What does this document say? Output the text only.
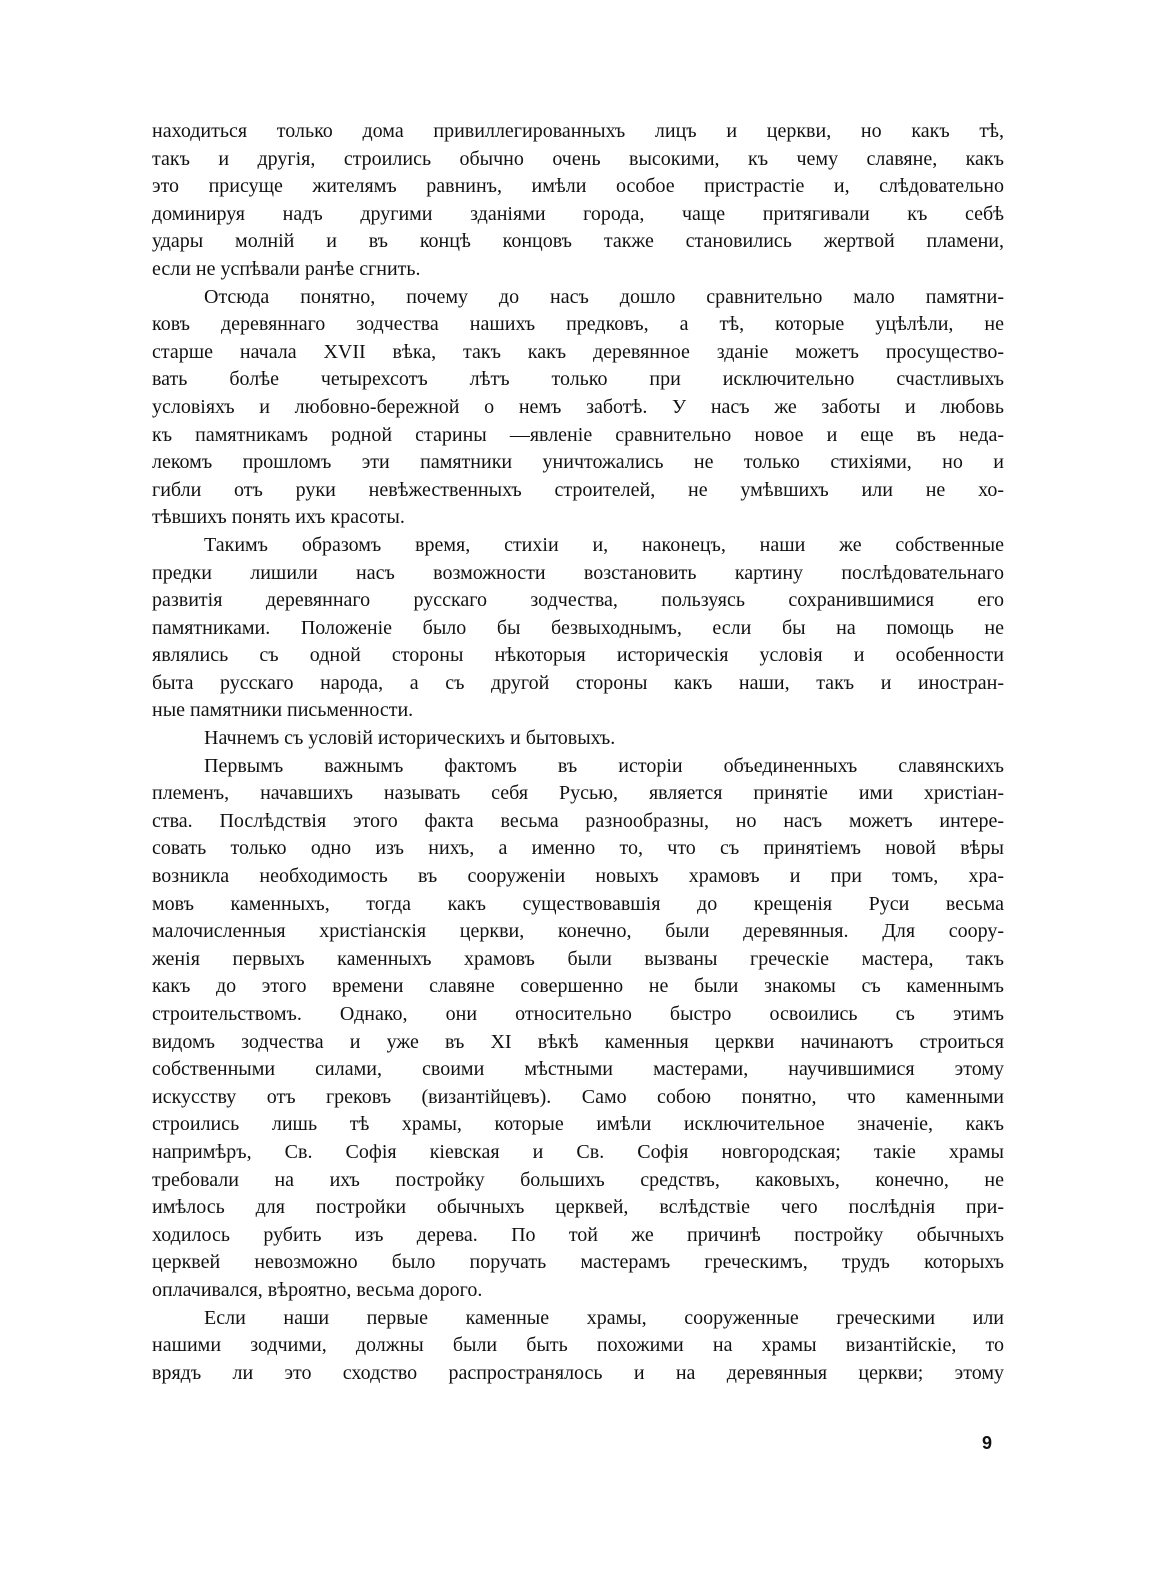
находиться только дома привиллегированныхъ лицъ и церкви, но какъ тѣ,
такъ и другія, строились обычно очень высокими, къ чему славяне, какъ
это присуще жителямъ равнинъ, имѣли особое пристрастіе и, слѣдовательно
доминируя надъ другими зданіями города, чаще притягивали къ себѣ
удары молній и въ концѣ концовъ также становились жертвой пламени,
если не успѣвали ранѣе сгнить.
Отсюда понятно, почему до насъ дошло сравнительно мало памятни-
ковъ деревяннаго зодчества нашихъ предковъ, а тѣ, которые уцѣлѣли, не
старше начала XVII вѣка, такъ какъ деревянное зданіе можетъ просущество-
вать болѣе четырехсотъ лѣтъ только при исключительно счастливыхъ
условіяхъ и любовно-бережной о немъ заботѣ. У насъ же заботы и любовь
къ памятникамъ родной старины —явленіе сравнительно новое и еще въ неда-
лекомъ прошломъ эти памятники уничтожались не только стихіями, но и
гибли отъ руки невѣжественныхъ строителей, не умѣвшихъ или не хо-
тѣвшихъ понять ихъ красоты.
Такимъ образомъ время, стихіи и, наконецъ, наши же собственные
предки лишили насъ возможности возстановить картину послѣдовательнаго
развитія деревяннаго русскаго зодчества, пользуясь сохранившимися его
памятниками. Положеніе было бы безвыходнымъ, если бы на помощь не
являлись съ одной стороны нѣкоторыя историческія условія и особенности
быта русскаго народа, а съ другой стороны какъ наши, такъ и иностран-
ные памятники письменности.
Начнемъ съ условій историческихъ и бытовыхъ.
Первымъ важнымъ фактомъ въ исторіи объединенныхъ славянскихъ
племенъ, начавшихъ называть себя Русью, является принятіе ими христіан-
ства. Послѣдствія этого факта весьма разнообразны, но насъ можетъ интере-
совать только одно изъ нихъ, а именно то, что съ принятіемъ новой вѣры
возникла необходимость въ сооруженіи новыхъ храмовъ и при томъ, хра-
мовъ каменныхъ, тогда какъ существовавшія до крещенія Руси весьма
малочисленныя христіанскія церкви, конечно, были деревянныя. Для соору-
женія первыхъ каменныхъ храмовъ были вызваны греческіе мастера, такъ
какъ до этого времени славяне совершенно не были знакомы съ каменнымъ
строительствомъ. Однако, они относительно быстро освоились съ этимъ
видомъ зодчества и уже въ XI вѣкѣ каменныя церкви начинаютъ строиться
собственными силами, своими мѣстными мастерами, научившимися этому
искусству отъ грековъ (византійцевъ). Само собою понятно, что каменными
строились лишь тѣ храмы, которые имѣли исключительное значеніе, какъ
напримѣръ, Св. Софія кіевская и Св. Софія новгородская; такіе храмы
требовали на ихъ постройку большихъ средствъ, каковыхъ, конечно, не
имѣлось для постройки обычныхъ церквей, вслѣдствіе чего послѣднія при-
ходилось рубить изъ дерева. По той же причинѣ постройку обычныхъ
церквей невозможно было поручать мастерамъ греческимъ, трудъ которыхъ
оплачивался, вѣроятно, весьма дорого.
Если наши первые каменные храмы, сооруженные греческими или
нашими зодчими, должны были быть похожими на храмы византійскіе, то
врядъ ли это сходство распространялось и на деревянныя церкви; этому
9
